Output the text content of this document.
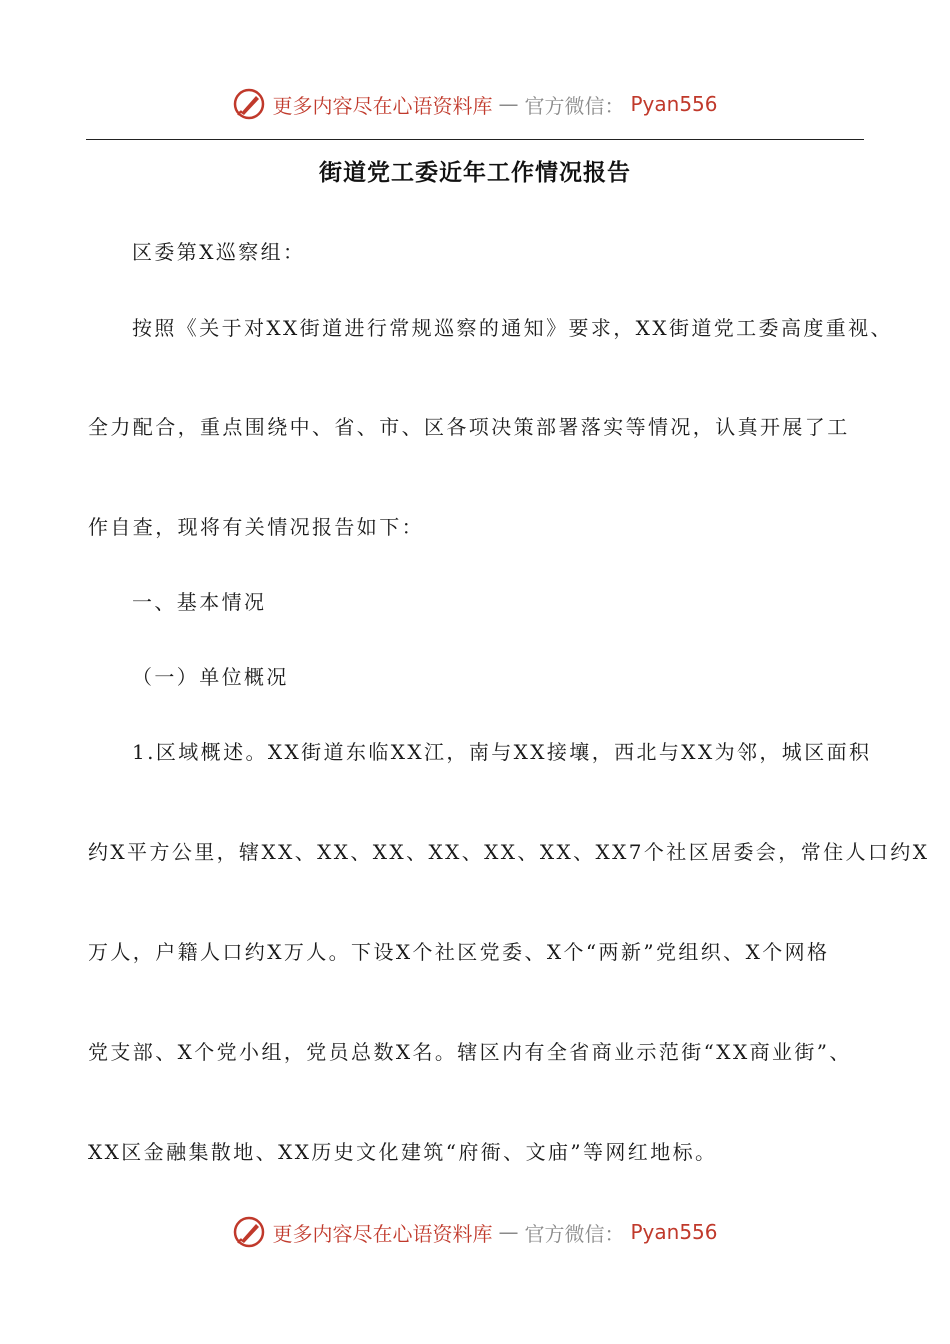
更多内容尽在心语资料库 — 官方微信： Pyan556
街道党工委近年工作情况报告
区委第X巡察组：
按照《关于对XX街道进行常规巡察的通知》要求，XX街道党工委高度重视、
全力配合，重点围绕中、省、市、区各项决策部署落实等情况，认真开展了工
作自查，现将有关情况报告如下：
一、基本情况
（一）单位概况
1.区域概述。XX街道东临XX江，南与XX接壤，西北与XX为邻，城区面积
约X平方公里，辖XX、XX、XX、XX、XX、XX、XX7个社区居委会，常住人口约X
万人，户籍人口约X万人。下设X个社区党委、X个“两新”党组织、X个网格
党支部、X个党小组，党员总数X名。辖区内有全省商业示范街“XX商业街”、
XX区金融集散地、XX历史文化建筑“府衙、文庙”等网红地标。
更多内容尽在心语资料库 — 官方微信： Pyan556
